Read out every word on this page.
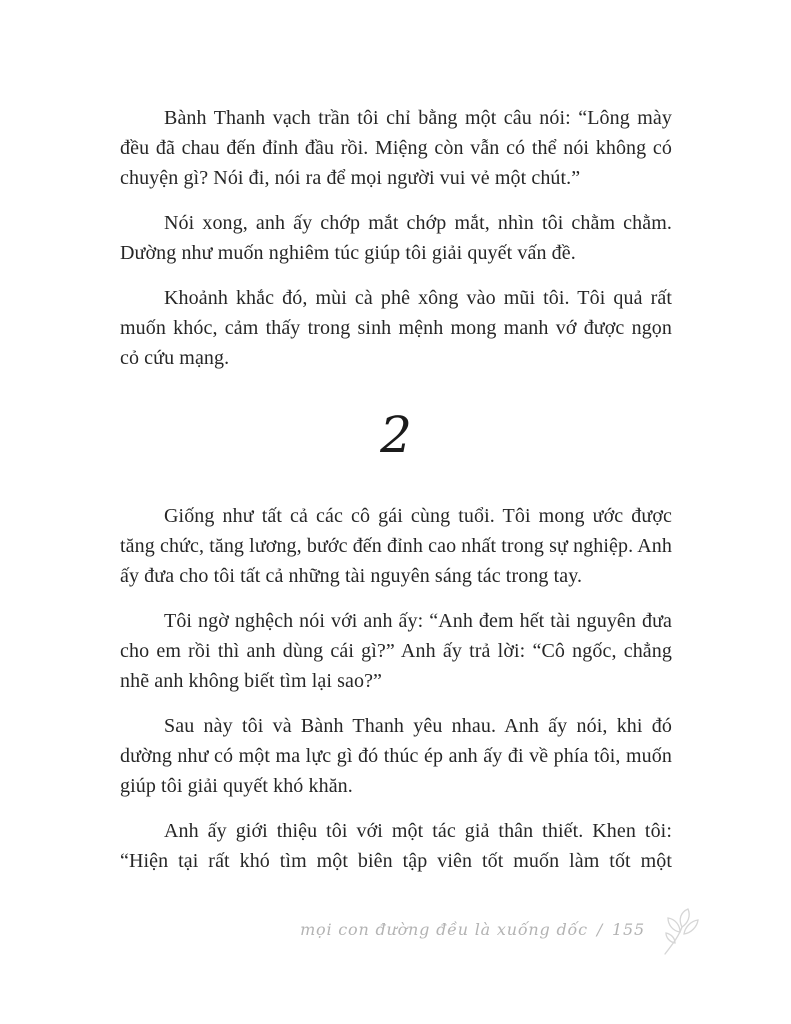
Bành Thanh vạch trần tôi chỉ bằng một câu nói: “Lông mày đều đã chau đến đỉnh đầu rồi. Miệng còn vẫn có thể nói không có chuyện gì? Nói đi, nói ra để mọi người vui vẻ một chút.”

Nói xong, anh ấy chớp mắt chớp mắt, nhìn tôi chằm chằm. Dường như muốn nghiêm túc giúp tôi giải quyết vấn đề.

Khoảnh khắc đó, mùi cà phê xông vào mũi tôi. Tôi quả rất muốn khóc, cảm thấy trong sinh mệnh mong manh vớ được ngọn cỏ cứu mạng.

2

Giống như tất cả các cô gái cùng tuổi. Tôi mong ước được tăng chức, tăng lương, bước đến đỉnh cao nhất trong sự nghiệp. Anh ấy đưa cho tôi tất cả những tài nguyên sáng tác trong tay.

Tôi ngờ nghệch nói với anh ấy: “Anh đem hết tài nguyên đưa cho em rồi thì anh dùng cái gì?” Anh ấy trả lời: “Cô ngốc, chẳng nhẽ anh không biết tìm lại sao?”

Sau này tôi và Bành Thanh yêu nhau. Anh ấy nói, khi đó dường như có một ma lực gì đó thúc ép anh ấy đi về phía tôi, muốn giúp tôi giải quyết khó khăn.

Anh ấy giới thiệu tôi với một tác giả thân thiết. Khen tôi: “Hiện tại rất khó tìm một biên tập viên tốt muốn làm tốt một

mọi con đường đều là xuống dốc / 155
